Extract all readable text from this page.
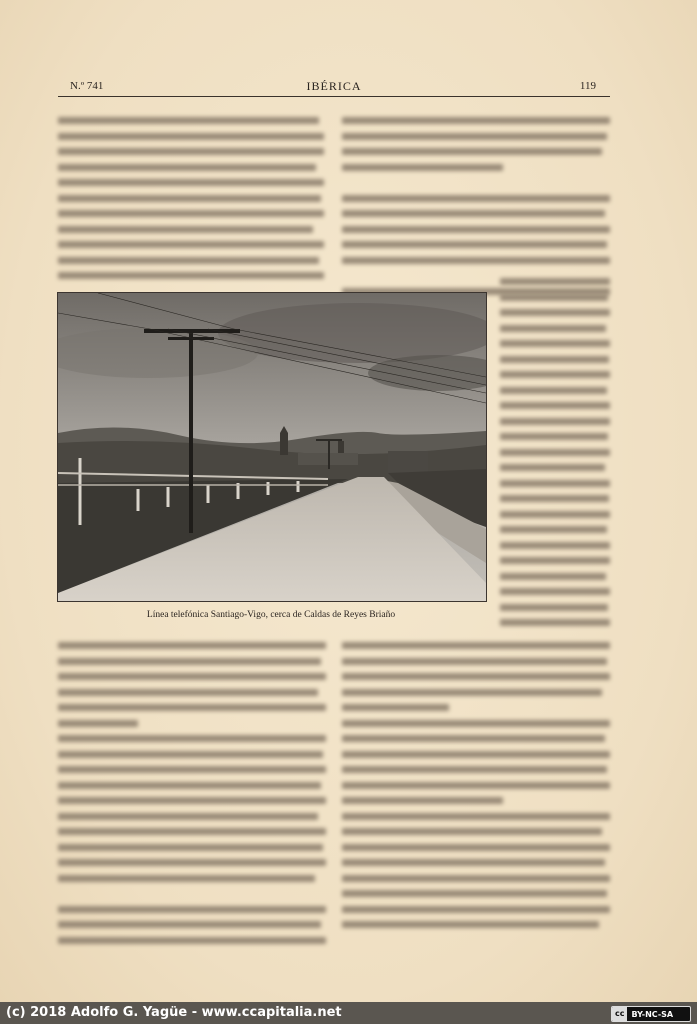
N.º 741	IBÉRICA	119
Línea telefónica Santiago-Vigo, cerca de Caldas de Reyes Briaño
(c) 2018 Adolfo G. Yagüe - www.ccapitalia.net	cc BY-NC-SA
